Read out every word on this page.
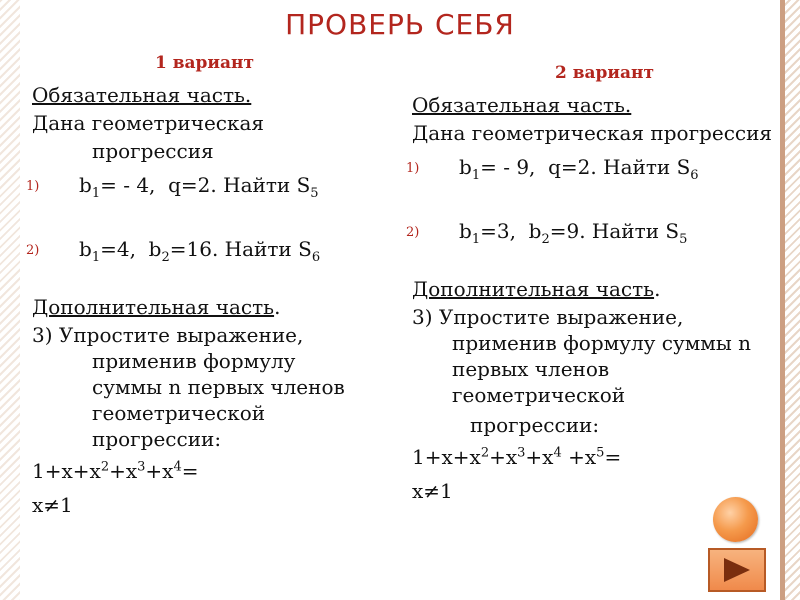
ПРОВЕРЬ СЕБЯ
1 вариант
Обязательная часть.
Дана геометрическая
прогрессия
1) $b_1= - 4$,  q=2. Найти $S_5$
2) $b_1=4$,  $b_2=16$. Найти $S_6$
Дополнительная часть.
3) Упростите выражение,
применив формулу
суммы n первых членов
геометрической
прогрессии:
$1+x+x^2+x^3+x^4=$
x≠1
2 вариант
Обязательная часть.
Дана геометрическая прогрессия
1) $b_1= - 9$,  q=2. Найти $S_6$
2) $b_1=3$,  $b_2=9$. Найти $S_5$
Дополнительная часть.
3) Упростите выражение,
применив формулу суммы n
первых членов
геометрической
прогрессии:
$1+x+x^2+x^3+x^4 +x^5=$
x≠1
